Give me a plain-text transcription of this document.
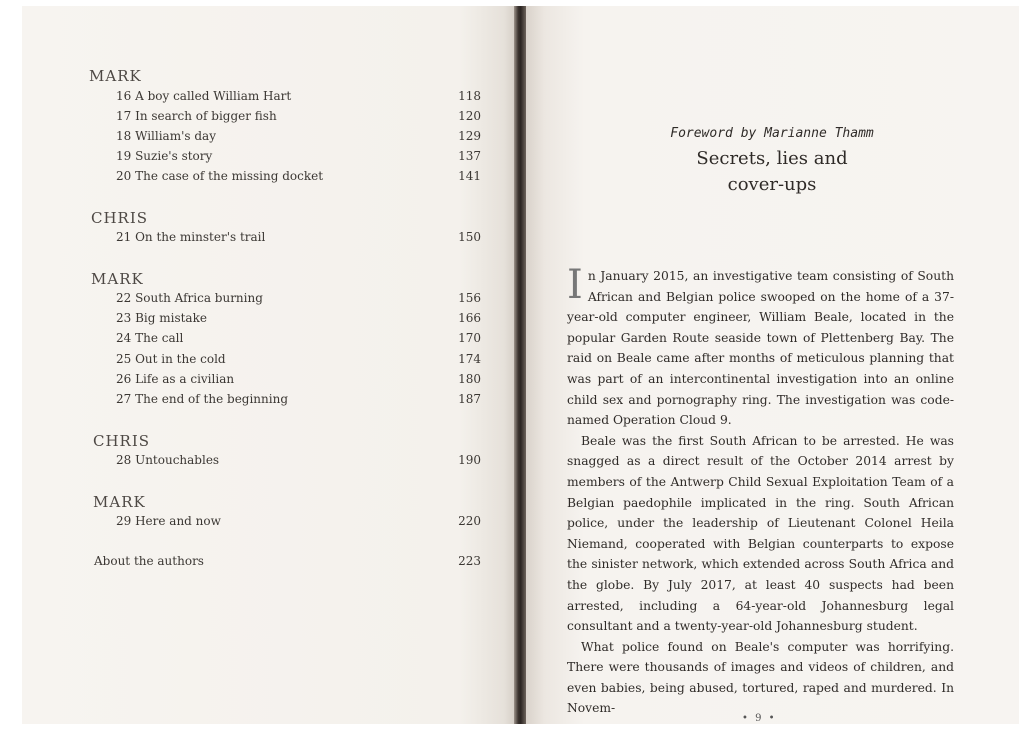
MARK
16 A boy called William Hart	118
17 In search of bigger fish	120
18 William's day	129
19 Suzie's story	137
20 The case of the missing docket	141
CHRIS
21 On the minster's trail	150
MARK
22 South Africa burning	156
23 Big mistake	166
24 The call	170
25 Out in the cold	174
26 Life as a civilian	180
27 The end of the beginning	187
CHRIS
28 Untouchables	190
MARK
29 Here and now	220
About the authors	223
Foreword by Marianne Thamm
Secrets, lies and
cover-ups

In January 2015, an investigative team consisting of South African and Belgian police swooped on the home of a 37-year-old computer engineer, William Beale, located in the popular Garden Route seaside town of Plettenberg Bay. The raid on Beale came after months of meticulous planning that was part of an intercontinental investigation into an online child sex and pornography ring. The investigation was code-named Operation Cloud 9.

Beale was the first South African to be arrested. He was snagged as a direct result of the October 2014 arrest by members of the Antwerp Child Sexual Exploitation Team of a Belgian paedophile implicated in the ring. South African police, under the leadership of Lieutenant Colonel Heila Niemand, cooperated with Belgian counterparts to expose the sinister network, which extended across South Africa and the globe. By July 2017, at least 40 suspects had been arrested, including a 64-year-old Johannesburg legal consultant and a twenty-year-old Johannesburg student.

What police found on Beale's computer was horrifying. There were thousands of images and videos of children, and even babies, being abused, tortured, raped and murdered. In Novem-

• 9 •
